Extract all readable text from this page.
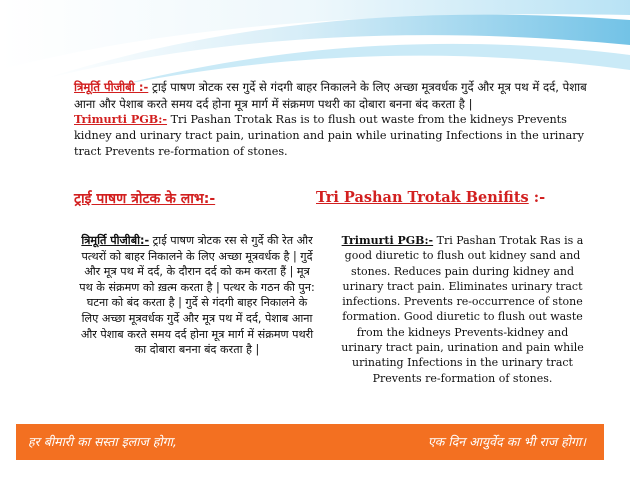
त्रिमूर्ति पीजीबी :- ट्राई पाषण त्रोटक रस गुर्दे से गंदगी बाहर निकालने के लिए अच्छा मूत्रवर्धक गुर्दे और मूत्र पथ में दर्द, पेशाब आना और पेशाब करते समय दर्द होना मूत्र मार्ग में संक्रमण पथरी का दोबारा बनना बंद करता है |
Trimurti PGB:- Tri Pashan Trotak Ras is to flush out waste from the kidneys Prevents kidney and urinary tract pain, urination and pain while urinating Infections in the urinary tract Prevents re-formation of stones.
ट्राई पाषण त्रोटक के लाभ:-	Tri Pashan Trotak Benifits :-
त्रिमूर्ति पीजीबी:- ट्राई पाषण त्रोटक रस से गुर्दे की रेत और पत्थरों को बाहर निकालने के लिए अच्छा मूत्रवर्धक है | गुर्दे और मूत्र पथ में दर्द, के दौरान दर्द को कम करता हैं | मूत्र पथ के संक्रमण को ख़त्म करता है | पत्थर के गठन की पुन: घटना को बंद करता है | गुर्दे से गंदगी बाहर निकालने के लिए अच्छा मूत्रवर्धक गुर्दे और मूत्र पथ में दर्द, पेशाब आना और पेशाब करते समय दर्द होना मूत्र मार्ग में संक्रमण पथरी का दोबारा बनना बंद करता है |
Trimurti PGB:- Tri Pashan Trotak Ras is a good diuretic to flush out kidney sand and stones. Reduces pain during kidney and urinary tract pain. Eliminates urinary tract infections. Prevents re-occurrence of stone formation. Good diuretic to flush out waste from the kidneys Prevents-kidney and urinary tract pain, urination and pain while urinating Infections in the urinary tract Prevents re-formation of stones.
हर बीमारी का सस्ता इलाज होगा,	एक दिन आयुर्वेद का भी राज होगा।
